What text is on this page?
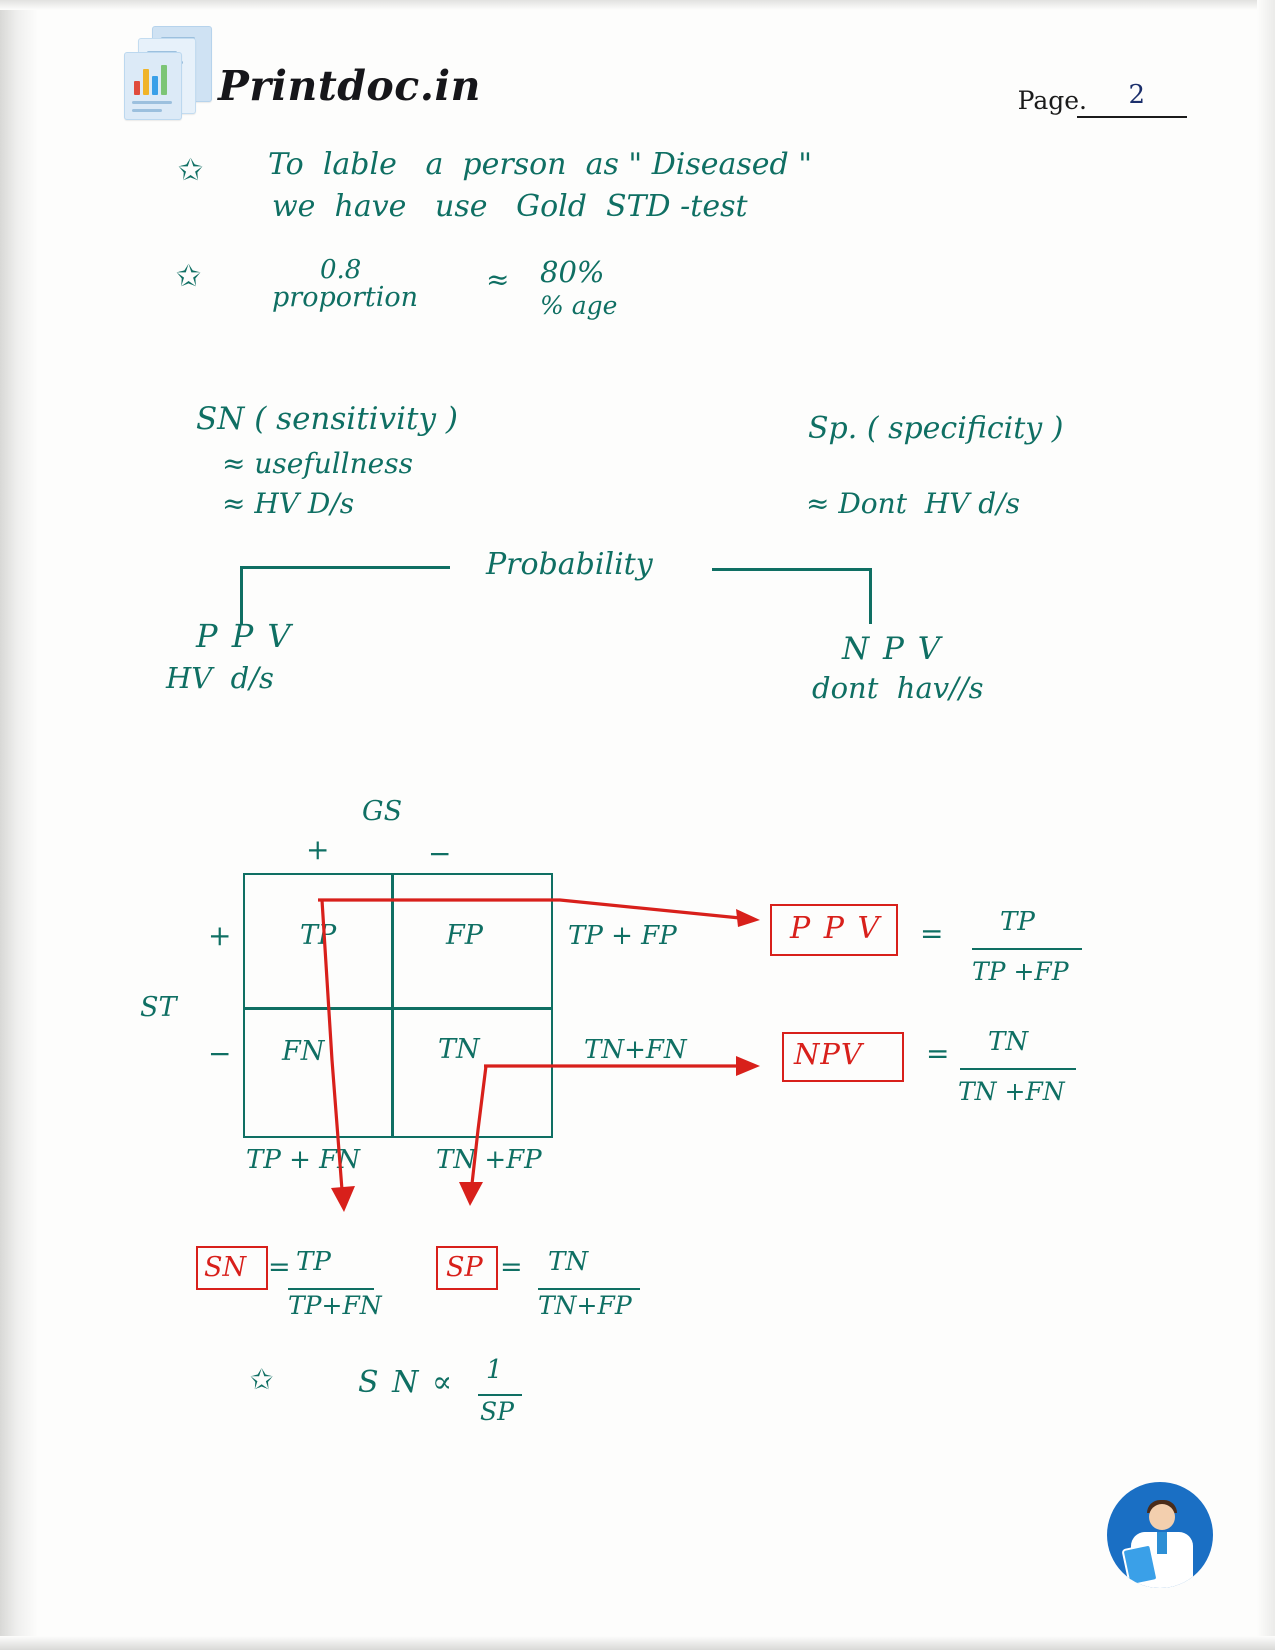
Printdoc.in	Page. 2
✩ To  lable   a  person  as " Diseased "
we  have   use   Gold  STD -test
✩	0.8
proportion
≈ 80%
% age
SN ( sensitivity )
≈ usefullness
≈ HV D/s
Sp. ( specificity )
≈ Dont  HV d/s
Probability
P P V
HV  d/s
N P V
dont  hav//s
GS
+	−
ST
+
−
TP	FP
FN	TN
TP + FP
TN+FN
TP + FN	TN +FP
P P V = TP
TP +FP
NPV = TN
TN +FN
SN = TP
TP+FN
SP = TN
TN+FP
✩	S N ∝ 1
SP
